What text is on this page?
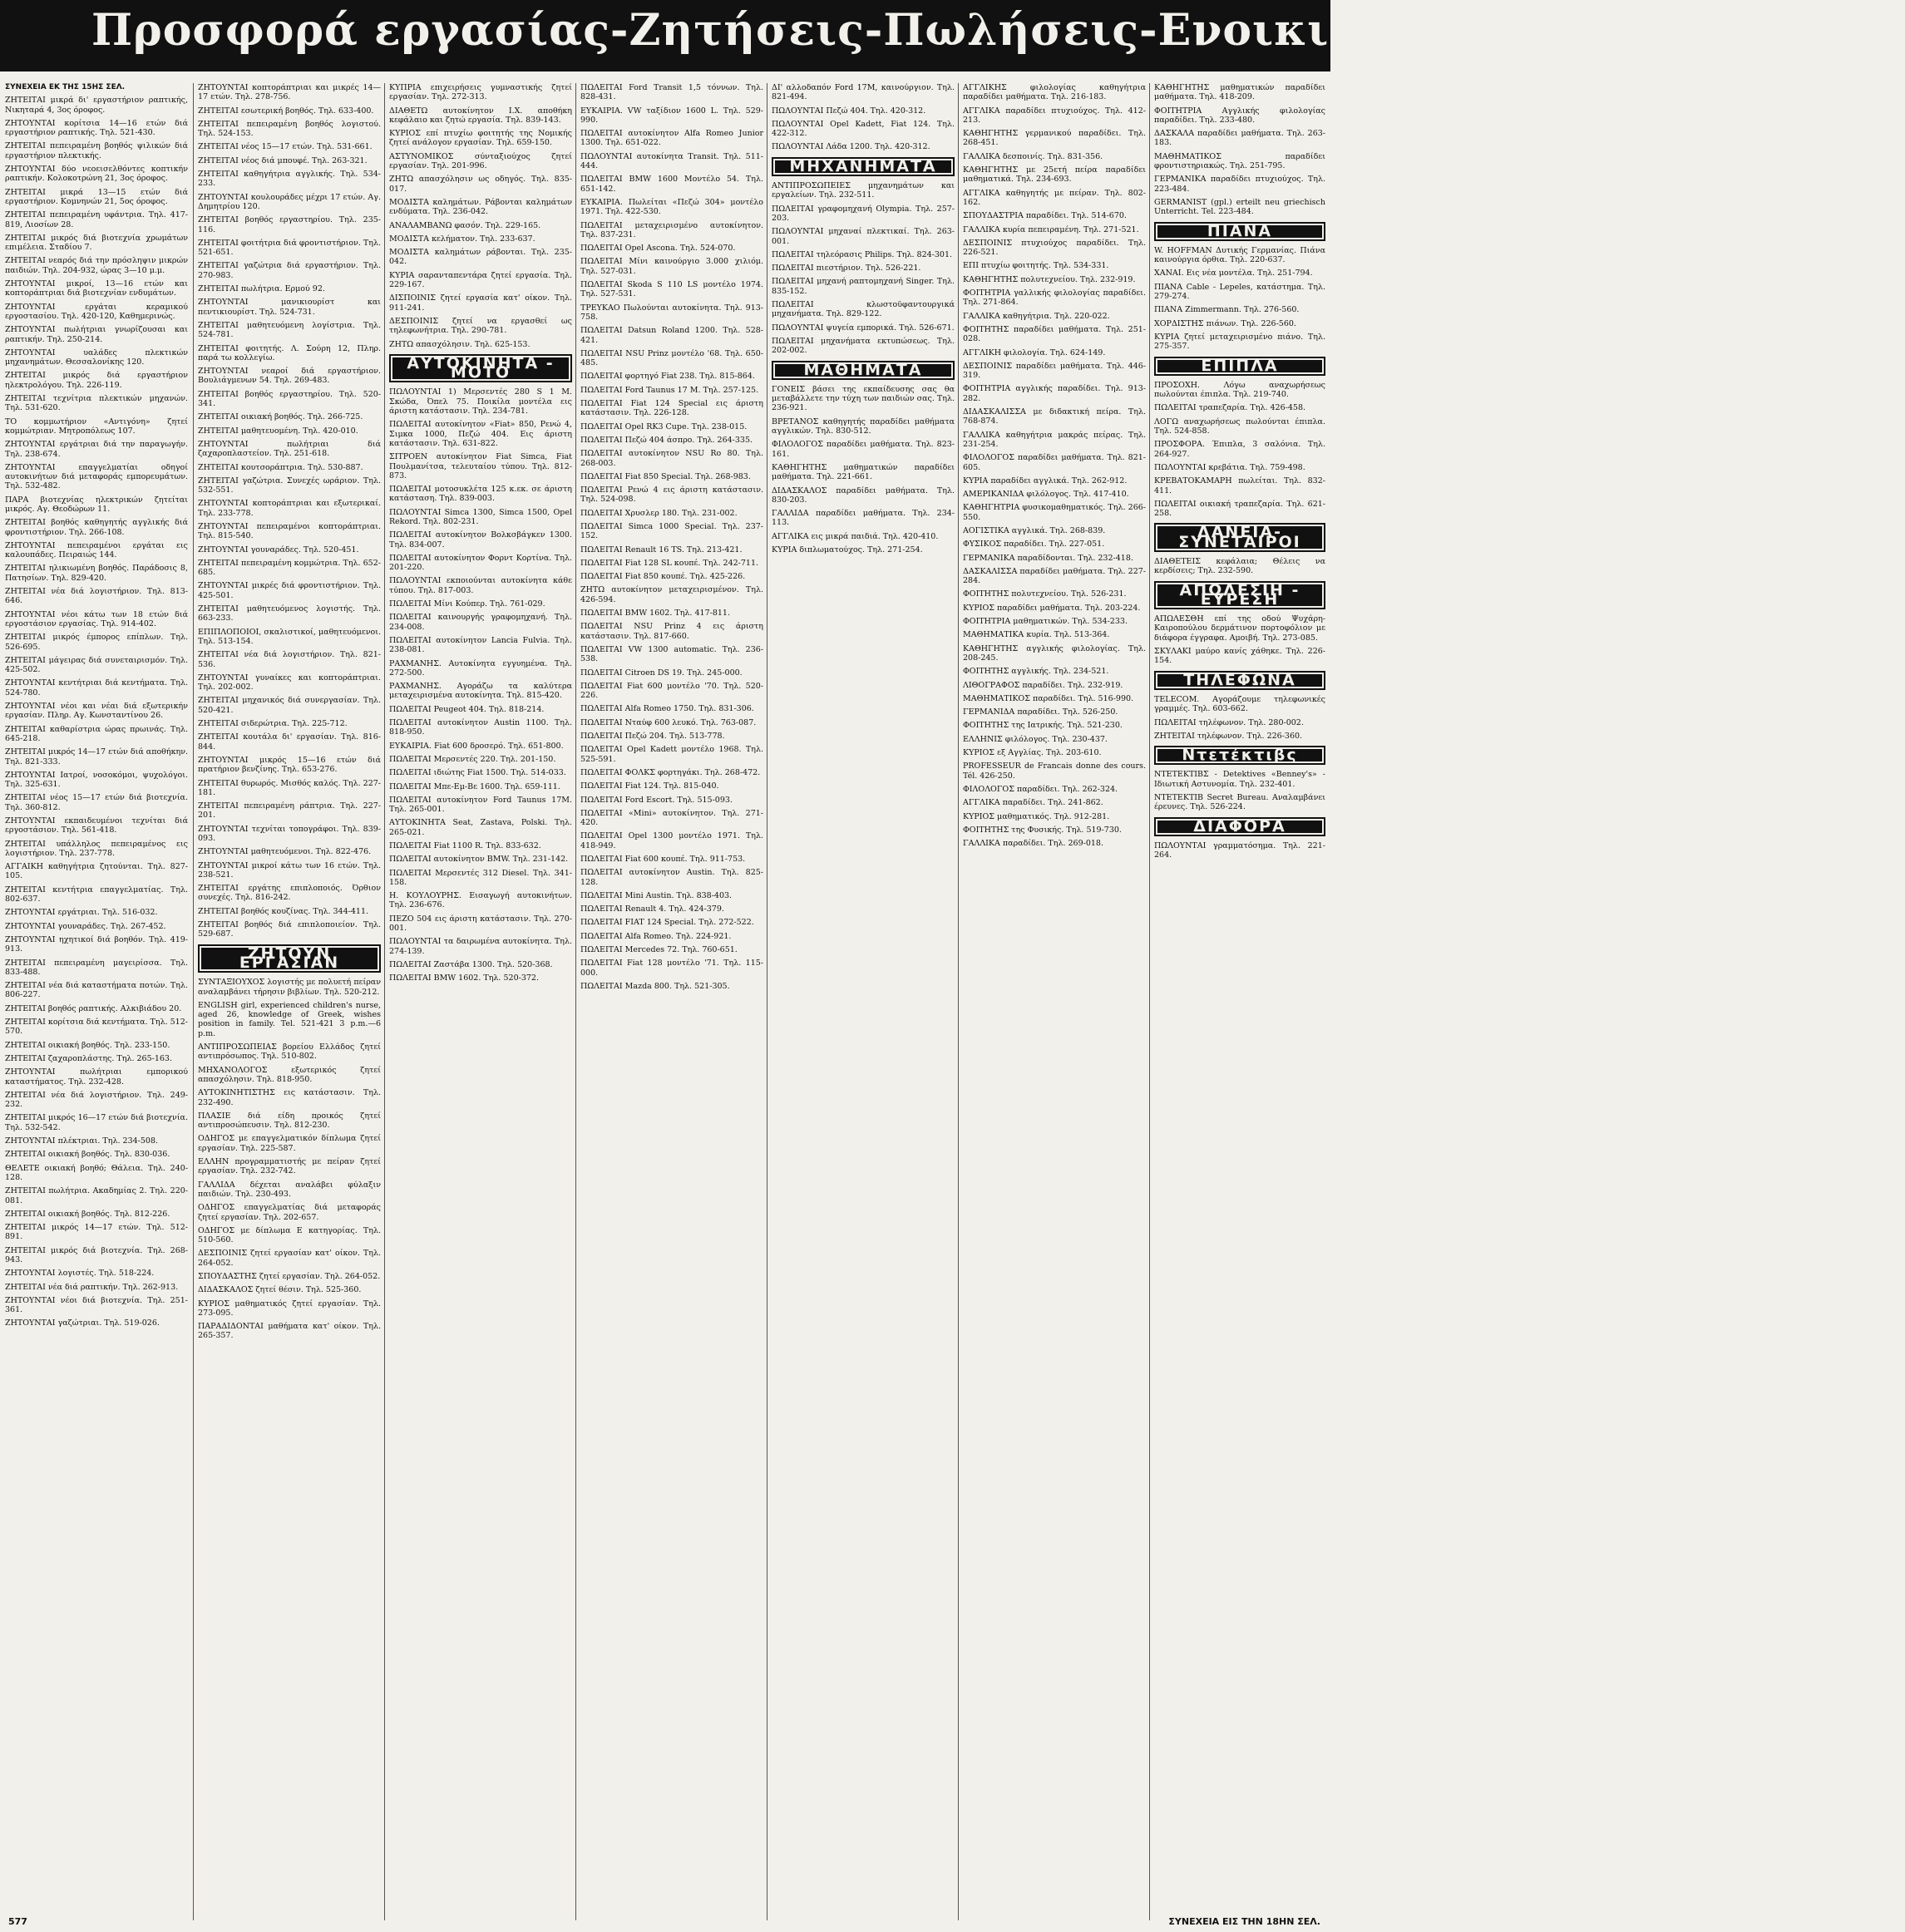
Προσφορά εργασίας-Ζητήσεις-Πωλήσεις-Ενοικιάσεις-Αγοραί-Ακίνητα

ΣΥΝΕΧΕΙΑ ΕΚ ΤΗΣ 15ΗΣ ΣΕΛ.

ΖΗΤΕΙΤΑΙ μικρά δι' εργαστήριον ραπτικής, Νικηταρά 4, 3ος όροφος.

ΖΗΤΟΥΝΤΑΙ κορίτσια 14—16 ετών διά εργαστήριον ραπτικής. Τηλ. 521-430.

ΖΗΤΕΙΤΑΙ πεπειραμένη βοηθός ψιλικών διά εργαστήριον πλεκτικής.

ΖΗΤΟΥΝΤΑΙ δύο νεοεισελθόντες κοπτικήν ραπτικήν. Κολοκοτρώνη 21, 3ος όροφος.

ΖΗΤΕΙΤΑΙ μικρά 13—15 ετών διά εργαστήριον. Κομνηνών 21, 5ος όροφος.

ΖΗΤΕΙΤΑΙ πεπειραμένη υφάντρια. Τηλ. 417-819, Λιοσίων 28.

ΖΗΤΕΙΤΑΙ μικρός διά βιοτεχνία χρωμάτων επιμέλεια. Σταδίου 7.

ΖΗΤΕΙΤΑΙ νεαρός διά την πρόσληψιν μικρών παιδιών. Τηλ. 204-932, ώρας 3—10 μ.μ.

ΖΗΤΟΥΝΤΑΙ μικροί, 13—16 ετών και κοπτοράπτριαι διά βιοτεχνίαν ενδυμάτων.

ΖΗΤΟΥΝΤΑΙ εργάται κεραμικού εργοστασίου. Τηλ. 420-120, Καθημερινώς.

ΖΗΤΟΥΝΤΑΙ πωλήτριαι γνωρίζουσαι και ραπτικήν. Τηλ. 250-214.

ΖΗΤΟΥΝΤΑΙ υαλάδες πλεκτικών μηχανημάτων. Θεσσαλονίκης 120.

ΖΗΤΕΙΤΑΙ μικρός διά εργαστήριον ηλεκτρολόγου. Τηλ. 226-119.

ΖΗΤΕΙΤΑΙ τεχνίτρια πλεκτικών μηχανών. Τηλ. 531-620.

ΤΟ κομμωτήριον «Αντιγόνη» ζητεί κομμώτριαν. Μητροπόλεως 107.

ΖΗΤΟΥΝΤΑΙ εργάτριαι διά την παραγωγήν. Τηλ. 238-674.

ΖΗΤΟΥΝΤΑΙ επαγγελματίαι οδηγοί αυτοκινήτων διά μεταφοράς εμπορευμάτων. Τηλ. 532-482.

ΠΑΡΑ βιοτεχνίας ηλεκτρικών ζητείται μικρός. Αγ. Θεοδώρων 11.

ΖΗΤΕΙΤΑΙ βοηθός καθηγητής αγγλικής διά φροντιστήριον. Τηλ. 266-108.

ΖΗΤΟΥΝΤΑΙ πεπειραμένοι εργάται εις καλουπάδες. Πειραιώς 144.

ΖΗΤΕΙΤΑΙ ηλικιωμένη βοηθός. Παράδοσις 8, Πατησίων. Τηλ. 829-420.

ΖΗΤΕΙΤΑΙ νέα διά λογιστήριον. Τηλ. 813-646.

ΖΗΤΟΥΝΤΑΙ νέοι κάτω των 18 ετών διά εργοστάσιον εργασίας. Τηλ. 914-402.

ΖΗΤΕΙΤΑΙ μικρός έμπορος επίπλων. Τηλ. 526-695.

ΖΗΤΕΙΤΑΙ μάγειρας διά συνεταιρισμόν. Τηλ. 425-502.

ΖΗΤΟΥΝΤΑΙ κεντήτριαι διά κεντήματα. Τηλ. 524-780.

ΖΗΤΟΥΝΤΑΙ νέοι και νέαι διά εξωτερικήν εργασίαν. Πληρ. Αγ. Κωνσταντίνου 26.

ΖΗΤΕΙΤΑΙ καθαρίστρια ώρας πρωινάς. Τηλ. 645-218.

ΖΗΤΕΙΤΑΙ μικρός 14—17 ετών διά αποθήκην. Τηλ. 821-333.

ΖΗΤΟΥΝΤΑΙ Ιατροί, νοσοκόμοι, ψυχολόγοι. Τηλ. 325-631.

ΖΗΤΕΙΤΑΙ νέος 15—17 ετών διά βιοτεχνία. Τηλ. 360-812.

ΖΗΤΟΥΝΤΑΙ εκπαιδευμένοι τεχνίται διά εργοστάσιον. Τηλ. 561-418.

ΖΗΤΕΙΤΑΙ υπάλληλος πεπειραμένος εις λογιστήριον. Τηλ. 237-778.

ΑΓΓΑΙΚΗ καθηγήτρια ζητούνται. Τηλ. 827-105.

ΖΗΤΕΙΤΑΙ κεντήτρια επαγγελματίας. Τηλ. 802-637.

ΖΗΤΟΥΝΤΑΙ εργάτριαι. Τηλ. 516-032.

ΖΗΤΟΥΝΤΑΙ γουναράδες. Τηλ. 267-452.

ΖΗΤΟΥΝΤΑΙ ηχητικοί διά βοηθόν. Τηλ. 419-913.

ΖΗΤΕΙΤΑΙ πεπειραμένη μαγειρίσσα. Τηλ. 833-488.

ΖΗΤΕΙΤΑΙ νέα διά καταστήματα ποτών. Τηλ. 806-227.

ΖΗΤΕΙΤΑΙ βοηθός ραπτικής. Αλκιβιάδου 20.

ΖΗΤΕΙΤΑΙ κορίτσια διά κεντήματα. Τηλ. 512-570.

ΖΗΤΕΙΤΑΙ οικιακή βοηθός. Τηλ. 233-150.

ΖΗΤΕΙΤΑΙ ζαχαροπλάστης. Τηλ. 265-163.

ΖΗΤΟΥΝΤΑΙ πωλήτριαι εμπορικού καταστήματος. Τηλ. 232-428.

ΖΗΤΕΙΤΑΙ νέα διά λογιστήριον. Τηλ. 249-232.

ΖΗΤΕΙΤΑΙ μικρός 16—17 ετών διά βιοτεχνία. Τηλ. 532-542.

ΖΗΤΟΥΝΤΑΙ πλέκτριαι. Τηλ. 234-508.

ΖΗΤΕΙΤΑΙ οικιακή βοηθός. Τηλ. 830-036.

ΘΕΛΕΤΕ οικιακή βοηθό; Θάλεια. Τηλ. 240-128.

ΖΗΤΕΙΤΑΙ πωλήτρια. Ακαδημίας 2. Τηλ. 220-081.

ΖΗΤΕΙΤΑΙ οικιακή βοηθός. Τηλ. 812-226.

ΖΗΤΕΙΤΑΙ μικρός 14—17 ετών. Τηλ. 512-891.

ΖΗΤΕΙΤΑΙ μικρός διά βιοτεχνία. Τηλ. 268-943.

ΖΗΤΟΥΝΤΑΙ λογιστές. Τηλ. 518-224.

ΖΗΤΕΙΤΑΙ νέα διά ραπτικήν. Τηλ. 262-913.

ΖΗΤΟΥΝΤΑΙ νέοι διά βιοτεχνία. Τηλ. 251-361.

ΖΗΤΟΥΝΤΑΙ γαζώτριαι. Τηλ. 519-026.

ΖΗΤΟΥΝΤΑΙ κοπτοράπτριαι και μικρές 14—17 ετών. Τηλ. 278-756.

ΖΗΤΕΙΤΑΙ εσωτερική βοηθός. Τηλ. 633-400.

ΖΗΤΕΙΤΑΙ πεπειραμένη βοηθός λογιστού. Τηλ. 524-153.

ΖΗΤΕΙΤΑΙ νέος 15—17 ετών. Τηλ. 531-661.

ΖΗΤΕΙΤΑΙ νέος διά μπουφέ. Τηλ. 263-321.

ΖΗΤΕΙΤΑΙ καθηγήτρια αγγλικής. Τηλ. 534-233.

ΖΗΤΟΥΝΤΑΙ κουλουράδες μέχρι 17 ετών. Αγ. Δημητρίου 120.

ΖΗΤΕΙΤΑΙ βοηθός εργαστηρίου. Τηλ. 235-116.

ΖΗΤΕΙΤΑΙ φοιτήτρια διά φροντιστήριον. Τηλ. 521-651.

ΖΗΤΕΙΤΑΙ γαζώτρια διά εργαστήριον. Τηλ. 270-983.

ΖΗΤΕΙΤΑΙ πωλήτρια. Ερμού 92.

ΖΗΤΟΥΝΤΑΙ μανικιουρίστ και πεντικιουρίστ. Τηλ. 524-731.

ΖΗΤΕΙΤΑΙ μαθητευόμενη λογίστρια. Τηλ. 524-781.

ΖΗΤΕΙΤΑΙ φοιτητής. Λ. Σούρη 12, Πληρ. παρά τω κολλεγίω.

ΖΗΤΟΥΝΤΑΙ νεαροί διά εργαστήριον. Βουλιάγμενων 54. Τηλ. 269-483.

ΖΗΤΕΙΤΑΙ βοηθός εργαστηρίου. Τηλ. 520-341.

ΖΗΤΕΙΤΑΙ οικιακή βοηθός. Τηλ. 266-725.

ΖΗΤΕΙΤΑΙ μαθητευομένη. Τηλ. 420-010.

ΖΗΤΟΥΝΤΑΙ πωλήτριαι διά ζαχαροπλαστείον. Τηλ. 251-618.

ΖΗΤΕΙΤΑΙ κουτσοράπτρια. Τηλ. 530-887.

ΖΗΤΕΙΤΑΙ γαζώτρια. Συνεχές ωράριον. Τηλ. 532-551.

ΖΗΤΟΥΝΤΑΙ κοπτοράπτριαι και εξωτερικαί. Τηλ. 233-778.

ΖΗΤΟΥΝΤΑΙ πεπειραμένοι κοπτοράπτριαι. Τηλ. 815-540.

ΖΗΤΟΥΝΤΑΙ γουναράδες. Τηλ. 520-451.

ΖΗΤΕΙΤΑΙ πεπειραμένη κομμώτρια. Τηλ. 652-685.

ΖΗΤΟΥΝΤΑΙ μικρές διά φροντιστήριον. Τηλ. 425-501.

ΖΗΤΕΙΤΑΙ μαθητευόμενος λογιστής. Τηλ. 663-233.

ΕΠΙΠΛΟΠΟΙΟΙ, σκαλιστικοί, μαθητευόμενοι. Τηλ. 513-154.

ΖΗΤΕΙΤΑΙ νέα διά λογιστήριον. Τηλ. 821-536.

ΖΗΤΟΥΝΤΑΙ γυναίκες και κοπτοράπτριαι. Τηλ. 202-002.

ΖΗΤΕΙΤΑΙ μηχανικός διά συνεργασίαν. Τηλ. 520-421.

ΖΗΤΕΙΤΑΙ σιδερώτρια. Τηλ. 225-712.

ΖΗΤΕΙΤΑΙ κουτάλα δι' εργασίαν. Τηλ. 816-844.

ΖΗΤΟΥΝΤΑΙ μικρός 15—16 ετών διά πρατήριον βενζίνης. Τηλ. 653-276.

ΖΗΤΕΙΤΑΙ θυρωρός. Μισθός καλός. Τηλ. 227-181.

ΖΗΤΕΙΤΑΙ πεπειραμένη ράπτρια. Τηλ. 227-201.

ΖΗΤΟΥΝΤΑΙ τεχνίται τοπογράφοι. Τηλ. 839-093.

ΖΗΤΟΥΝΤΑΙ μαθητευόμενοι. Τηλ. 822-476.

ΖΗΤΟΥΝΤΑΙ μικροί κάτω των 16 ετών. Τηλ. 238-521.

ΖΗΤΕΙΤΑΙ εργάτης επιπλοποιός. Όρθιον συνεχές. Τηλ. 816-242.

ΖΗΤΕΙΤΑΙ βοηθός κουζίνας. Τηλ. 344-411.

ΖΗΤΕΙΤΑΙ βοηθός διά επιπλοποιείον. Τηλ. 529-687.

ΖΗΤΟΥΝ ΕΡΓΑΣΙΑΝ

ΣΥΝΤΑΞΙΟΥΧΟΣ λογιστής με πολυετή πείραν αναλαμβάνει τήρησιν βιβλίων. Τηλ. 520-212.

ENGLISH girl, experienced children's nurse, aged 26, knowledge of Greek, wishes position in family. Tel. 521-421 3 p.m.—6 p.m.

ΑΝΤΙΠΡΟΣΩΠΕΙΑΣ βορείου Ελλάδος ζητεί αντιπρόσωπος. Τηλ. 510-802.

ΜΗΧΑΝΟΛΟΓΟΣ εξωτερικός ζητεί απασχόλησιν. Τηλ. 818-950.

ΑΥΤΟΚΙΝΗΤΙΣΤΗΣ εις κατάστασιν. Τηλ. 232-490.

ΠΛΑΣΙΕ διά είδη προικός ζητεί αντιπροσώπευσιν. Τηλ. 812-230.

ΟΔΗΓΟΣ με επαγγελματικόν δίπλωμα ζητεί εργασίαν. Τηλ. 225-587.

ΕΛΛΗΝ προγραμματιστής με πείραν ζητεί εργασίαν. Τηλ. 232-742.

ΓΑΛΛΙΔΑ δέχεται αναλάβει φύλαξιν παιδιών. Τηλ. 230-493.

ΟΔΗΓΟΣ επαγγελματίας διά μεταφοράς ζητεί εργασίαν. Τηλ. 202-657.

ΟΔΗΓΟΣ με δίπλωμα Ε κατηγορίας. Τηλ. 510-560.

ΔΕΣΠΟΙΝΙΣ ζητεί εργασίαν κατ' οίκον. Τηλ. 264-052.

ΣΠΟΥΔΑΣΤΗΣ ζητεί εργασίαν. Τηλ. 264-052.

ΔΙΔΑΣΚΑΛΟΣ ζητεί θέσιν. Τηλ. 525-360.

ΚΥΡΙΟΣ μαθηματικός ζητεί εργασίαν. Τηλ. 273-095.

ΠΑΡΑΔΙΔΟΝΤΑΙ μαθήματα κατ' οίκον. Τηλ. 265-357.

ΚΥΠΡΙΑ επιχειρήσεις γυμναστικής ζητεί εργασίαν. Τηλ. 272-313.

ΔΙΑΘΕΤΩ αυτοκίνητον Ι.Χ. αποθήκη κεφάλαιο και ζητώ εργασία. Τηλ. 839-143.

ΚΥΡΙΟΣ επί πτυχίω φοιτητής της Νομικής ζητεί ανάλογον εργασίαν. Τηλ. 659-150.

ΑΣΤΥΝΟΜΙΚΟΣ σύνταξιούχος ζητεί εργασίαν. Τηλ. 201-996.

ΖΗΤΩ απασχόλησιν ως οδηγός. Τηλ. 835-017.

ΜΟΔΙΣΤΑ καλημάτων. Ράβονται καλημάτων ενδύματα. Τηλ. 236-042.

ΑΝΑΛΑΜΒΑΝΩ φασόν. Τηλ. 229-165.

ΜΟΔΙΣΤΑ κελήματον. Τηλ. 233-637.

ΜΟΔΙΣΤΑ καλημάτων ράβονται. Τηλ. 235-042.

ΚΥΡΙΑ σαρανταπεντάρα ζητεί εργασία. Τηλ. 229-167.

ΔΙΣΠΟΙΝΙΣ ζητεί εργασία κατ' οίκον. Τηλ. 911-241.

ΔΕΣΠΟΙΝΙΣ ζητεί να εργασθεί ως τηλεφωνήτρια. Τηλ. 290-781.

ΖΗΤΩ απασχόλησιν. Τηλ. 625-153.

ΑΥΤΟΚΙΝΗΤΑ - ΜΟΤΟ

ΠΩΛΟΥΝΤΑΙ 1) Μερσεντές 280 S 1 Μ. Σκώδα, Όπελ 75. Ποικίλα μοντέλα εις άριστη κατάστασιν. Τηλ. 234-781.

ΠΩΛΕΙΤΑΙ αυτοκίνητον «Fiat» 850, Ρενώ 4, Σιμκα 1000, Πεζώ 404. Εις άριστη κατάστασιν. Τηλ. 631-822.

ΣΙΤΡΟΕΝ αυτοκίνητον Fiat Simca, Fiat Πουλμανίτσα, τελευταίου τύπου. Τηλ. 812-873.

ΠΩΛΕΙΤΑΙ μοτοσυκλέτα 125 κ.εκ. σε άριστη κατάσταση. Τηλ. 839-003.

ΠΩΛΟΥΝΤΑΙ Simca 1300, Simca 1500, Opel Rekord. Τηλ. 802-231.

ΠΩΛΕΙΤΑΙ αυτοκίνητον Βολκσβάγκεν 1300. Τηλ. 834-007.

ΠΩΛΕΙΤΑΙ αυτοκίνητον Φορντ Κορτίνα. Τηλ. 201-220.

ΠΩΛΟΥΝΤΑΙ εκποιούνται αυτοκίνητα κάθε τύπου. Τηλ. 817-003.

ΠΩΛΕΙΤΑΙ Μίνι Κούπερ. Τηλ. 761-029.

ΠΩΛΕΙΤΑΙ καινουργής γραφομηχανή. Τηλ. 234-008.

ΠΩΛΕΙΤΑΙ αυτοκίνητον Lancia Fulvia. Τηλ. 238-081.

ΡΑΧΜΑΝΗΣ. Αυτοκίνητα εγγυημένα. Τηλ. 272-500.

ΡΑΧΜΑΝΗΣ. Αγοράζω τα καλύτερα μεταχειρισμένα αυτοκίνητα. Τηλ. 815-420.

ΠΩΛΕΙΤΑΙ Peugeot 404. Τηλ. 818-214.

ΠΩΛΕΙΤΑΙ αυτοκίνητον Austin 1100. Τηλ. 818-950.

ΕΥΚΑΙΡΙΑ. Fiat 600 δροσερό. Τηλ. 651-800.

ΠΩΛΕΙΤΑΙ Μερσεντές 220. Τηλ. 201-150.

ΠΩΛΕΙΤΑΙ ιδιώτης Fiat 1500. Τηλ. 514-033.

ΠΩΛΕΙΤΑΙ Μπε-Εμ-Βε 1600. Τηλ. 659-111.

ΠΩΛΕΙΤΑΙ αυτοκίνητον Ford Taunus 17M. Τηλ. 265-001.

ΑΥΤΟΚΙΝΗΤΑ Seat, Zastava, Polski. Τηλ. 265-021.

ΠΩΛΕΙΤΑΙ Fiat 1100 R. Τηλ. 833-632.

ΠΩΛΕΙΤΑΙ αυτοκίνητον BMW. Τηλ. 231-142.

ΠΩΛΕΙΤΑΙ Μερσεντές 312 Diesel. Τηλ. 341-158.

Η. ΚΟΥΛΟΥΡΗΣ. Εισαγωγή αυτοκινήτων. Τηλ. 236-676.

ΠΕΖΟ 504 εις άριστη κατάστασιν. Τηλ. 270-001.

ΠΩΛΟΥΝΤΑΙ τα δαιρωμένα αυτοκίνητα. Τηλ. 274-139.

ΠΩΛΕΙΤΑΙ Ζαστάβα 1300. Τηλ. 520-368.

ΠΩΛΕΙΤΑΙ BMW 1602. Τηλ. 520-372.

ΠΩΛΕΙΤΑΙ Ford Transit 1,5 τόννων. Τηλ. 828-431.

ΕΥΚΑΙΡΙΑ. VW ταξίδιον 1600 L. Τηλ. 529-990.

ΠΩΛΕΙΤΑΙ αυτοκίνητον Alfa Romeo Junior 1300. Τηλ. 651-022.

ΠΩΛΟΥΝΤΑΙ αυτοκίνητα Transit. Τηλ. 511-444.

ΠΩΛΕΙΤΑΙ BMW 1600 Μοντέλο 54. Τηλ. 651-142.

ΕΥΚΑΙΡΙΑ. Πωλείται «Πεζώ 304» μοντέλο 1971. Τηλ. 422-530.

ΠΩΛΕΙΤΑΙ μεταχειρισμένο αυτοκίνητον. Τηλ. 837-231.

ΠΩΛΕΙΤΑΙ Opel Ascona. Τηλ. 524-070.

ΠΩΛΕΙΤΑΙ Μίνι καινούργιο 3.000 χιλιόμ. Τηλ. 527-031.

ΠΩΛΕΙΤΑΙ Skoda S 110 LS μοντέλο 1974. Τηλ. 527-531.

ΤΡΕΥΚΑΟ Πωλούνται αυτοκίνητα. Τηλ. 913-758.

ΠΩΛΕΙΤΑΙ Datsun Roland 1200. Τηλ. 528-421.

ΠΩΛΕΙΤΑΙ NSU Prinz μοντέλο '68. Τηλ. 650-485.

ΠΩΛΕΙΤΑΙ φορτηγό Fiat 238. Τηλ. 815-864.

ΠΩΛΕΙΤΑΙ Ford Taunus 17 M. Τηλ. 257-125.

ΠΩΛΕΙΤΑΙ Fiat 124 Special εις άριστη κατάστασιν. Τηλ. 226-128.

ΠΩΛΕΙΤΑΙ Opel RK3 Cupe. Τηλ. 238-015.

ΠΩΛΕΙΤΑΙ Πεζώ 404 άσπρο. Τηλ. 264-335.

ΠΩΛΕΙΤΑΙ αυτοκίνητον NSU Ro 80. Τηλ. 268-003.

ΠΩΛΕΙΤΑΙ Fiat 850 Special. Τηλ. 268-983.

ΠΩΛΕΙΤΑΙ Ρενώ 4 εις άριστη κατάστασιν. Τηλ. 524-098.

ΠΩΛΕΙΤΑΙ Χρυσλερ 180. Τηλ. 231-002.

ΠΩΛΕΙΤΑΙ Simca 1000 Special. Τηλ. 237-152.

ΠΩΛΕΙΤΑΙ Renault 16 TS. Τηλ. 213-421.

ΠΩΛΕΙΤΑΙ Fiat 128 SL κουπέ. Τηλ. 242-711.

ΠΩΛΕΙΤΑΙ Fiat 850 κουπέ. Τηλ. 425-226.

ΖΗΤΩ αυτοκίνητον μεταχειρισμένον. Τηλ. 426-594.

ΠΩΛΕΙΤΑΙ BMW 1602. Τηλ. 417-811.

ΠΩΛΕΙΤΑΙ NSU Prinz 4 εις άριστη κατάστασιν. Τηλ. 817-660.

ΠΩΛΕΙΤΑΙ VW 1300 automatic. Τηλ. 236-538.

ΠΩΛΕΙΤΑΙ Citroen DS 19. Τηλ. 245-000.

ΠΩΛΕΙΤΑΙ Fiat 600 μοντέλο '70. Τηλ. 520-226.

ΠΩΛΕΙΤΑΙ Alfa Romeo 1750. Τηλ. 831-306.

ΠΩΛΕΙΤΑΙ Νταύφ 600 λευκό. Τηλ. 763-087.

ΠΩΛΕΙΤΑΙ Πεζώ 204. Τηλ. 513-778.

ΠΩΛΕΙΤΑΙ Opel Kadett μοντέλο 1968. Τηλ. 525-591.

ΠΩΛΕΙΤΑΙ ΦΟΛΚΣ φορτηγάκι. Τηλ. 268-472.

ΠΩΛΕΙΤΑΙ Fiat 124. Τηλ. 815-040.

ΠΩΛΕΙΤΑΙ Ford Escort. Τηλ. 515-093.

ΠΩΛΕΙΤΑΙ «Mini» αυτοκίνητον. Τηλ. 271-420.

ΠΩΛΕΙΤΑΙ Opel 1300 μοντέλο 1971. Τηλ. 418-949.

ΠΩΛΕΙΤΑΙ Fiat 600 κουπέ. Τηλ. 911-753.

ΠΩΛΕΙΤΑΙ αυτοκίνητον Austin. Τηλ. 825-128.

ΠΩΛΕΙΤΑΙ Mini Austin. Τηλ. 838-403.

ΠΩΛΕΙΤΑΙ Renault 4. Τηλ. 424-379.

ΠΩΛΕΙΤΑΙ FIAT 124 Special. Τηλ. 272-522.

ΠΩΛΕΙΤΑΙ Alfa Romeo. Τηλ. 224-921.

ΠΩΛΕΙΤΑΙ Mercedes 72. Τηλ. 760-651.

ΠΩΛΕΙΤΑΙ Fiat 128 μοντέλο '71. Τηλ. 115-000.

ΠΩΛΕΙΤΑΙ Mazda 800. Τηλ. 521-305.

ΔΙ' αλλοδαπόν Ford 17M, καινούργιον. Τηλ. 821-494.

ΠΩΛΟΥΝΤΑΙ Πεζώ 404. Τηλ. 420-312.

ΠΩΛΟΥΝΤΑΙ Opel Kadett, Fiat 124. Τηλ. 422-312.

ΠΩΛΟΥΝΤΑΙ Λάδα 1200. Τηλ. 420-312.

ΜΗΧΑΝΗΜΑΤΑ

ΑΝΤΙΠΡΟΣΩΠΕΙΕΣ μηχανημάτων και εργαλείων. Τηλ. 232-511.

ΠΩΛΕΙΤΑΙ γραφομηχανή Olympia. Τηλ. 257-203.

ΠΩΛΟΥΝΤΑΙ μηχαναί πλεκτικαί. Τηλ. 263-001.

ΠΩΛΕΙΤΑΙ τηλεόρασις Philips. Τηλ. 824-301.

ΠΩΛΕΙΤΑΙ πιεστήριον. Τηλ. 526-221.

ΠΩΛΕΙΤΑΙ μηχανή ραπτομηχανή Singer. Τηλ. 835-152.

ΠΩΛΕΙΤΑΙ κλωστοϋφαντουργικά μηχανήματα. Τηλ. 829-122.

ΠΩΛΟΥΝΤΑΙ ψυγεία εμπορικά. Τηλ. 526-671.

ΠΩΛΕΙΤΑΙ μηχανήματα εκτυπώσεως. Τηλ. 202-002.

ΜΑΘΗΜΑΤΑ

ΓΟΝΕΙΣ βάσει της εκπαίδευσης σας θα μεταβάλλετε την τύχη των παιδιών σας. Τηλ. 236-921.

ΒΡΕΤΑΝΟΣ καθηγητής παραδίδει μαθήματα αγγλικών. Τηλ. 830-512.

ΦΙΛΟΛΟΓΟΣ παραδίδει μαθήματα. Τηλ. 823-161.

ΚΑΘΗΓΗΤΗΣ μαθηματικών παραδίδει μαθήματα. Τηλ. 221-661.

ΔΙΔΑΣΚΑΛΟΣ παραδίδει μαθήματα. Τηλ. 830-203.

ΓΑΛΛΙΔΑ παραδίδει μαθήματα. Τηλ. 234-113.

ΑΓΓΛΙΚΑ εις μικρά παιδιά. Τηλ. 420-410.

ΚΥΡΙΑ διπλωματούχος. Τηλ. 271-254.

ΑΓΓΛΙΚΗΣ φιλολογίας καθηγήτρια παραδίδει μαθήματα. Τηλ. 216-183.

ΑΓΓΛΙΚΑ παραδίδει πτυχιούχος. Τηλ. 412-213.

ΚΑΘΗΓΗΤΗΣ γερμανικού παραδίδει. Τηλ. 268-451.

ΓΑΛΛΙΚΑ δεσποινίς. Τηλ. 831-356.

ΚΑΘΗΓΗΤΗΣ με 25ετή πείρα παραδίδει μαθηματικά. Τηλ. 234-693.

ΑΓΓΛΙΚΑ καθηγητής με πείραν. Τηλ. 802-162.

ΣΠΟΥΔΑΣΤΡΙΑ παραδίδει. Τηλ. 514-670.

ΓΑΛΛΙΚΑ κυρία πεπειραμένη. Τηλ. 271-521.

ΔΕΣΠΟΙΝΙΣ πτυχιούχος παραδίδει. Τηλ. 226-521.

ΕΠΙ πτυχίω φοιτητής. Τηλ. 534-331.

ΚΑΘΗΓΗΤΗΣ πολυτεχνείου. Τηλ. 232-919.

ΦΟΙΤΗΤΡΙΑ γαλλικής φιλολογίας παραδίδει. Τηλ. 271-864.

ΓΑΛΛΙΚΑ καθηγήτρια. Τηλ. 220-022.

ΦΟΙΤΗΤΗΣ παραδίδει μαθήματα. Τηλ. 251-028.

ΑΓΓΛΙΚΗ φιλολογία. Τηλ. 624-149.

ΔΕΣΠΟΙΝΙΣ παραδίδει μαθήματα. Τηλ. 446-319.

ΦΟΙΤΗΤΡΙΑ αγγλικής παραδίδει. Τηλ. 913-282.

ΔΙΔΑΣΚΑΛΙΣΣΑ με διδακτική πείρα. Τηλ. 768-874.

ΓΑΛΛΙΚΑ καθηγήτρια μακράς πείρας. Τηλ. 231-254.

ΦΙΛΟΛΟΓΟΣ παραδίδει μαθήματα. Τηλ. 821-605.

ΚΥΡΙΑ παραδίδει αγγλικά. Τηλ. 262-912.

ΑΜΕΡΙΚΑΝΙΔΑ φιλόλογος. Τηλ. 417-410.

ΚΑΘΗΓΗΤΡΙΑ φυσικομαθηματικός. Τηλ. 266-550.

ΑΟΓΙΣΤΙΚΑ αγγλικά. Τηλ. 268-839.

ΦΥΣΙΚΟΣ παραδίδει. Τηλ. 227-051.

ΓΕΡΜΑΝΙΚΑ παραδίδονται. Τηλ. 232-418.

ΔΑΣΚΑΛΙΣΣΑ παραδίδει μαθήματα. Τηλ. 227-284.

ΦΟΙΤΗΤΗΣ πολυτεχνείου. Τηλ. 526-231.

ΚΥΡΙΟΣ παραδίδει μαθήματα. Τηλ. 203-224.

ΦΟΙΤΗΤΡΙΑ μαθηματικών. Τηλ. 534-233.

ΜΑΘΗΜΑΤΙΚΑ κυρία. Τηλ. 513-364.

ΚΑΘΗΓΗΤΗΣ αγγλικής φιλολογίας. Τηλ. 208-245.

ΦΟΙΤΗΤΗΣ αγγλικής. Τηλ. 234-521.

ΛΙΘΟΓΡΑΦΟΣ παραδίδει. Τηλ. 232-919.

ΜΑΘΗΜΑΤΙΚΟΣ παραδίδει. Τηλ. 516-990.

ΓΕΡΜΑΝΙΔΑ παραδίδει. Τηλ. 526-250.

ΦΟΙΤΗΤΗΣ της Ιατρικής. Τηλ. 521-230.

ΕΛΛΗΝΙΣ φιλόλογος. Τηλ. 230-437.

ΚΥΡΙΟΣ εξ Αγγλίας. Τηλ. 203-610.

PROFESSEUR de Francais donne des cours. Tél. 426-250.

ΦΙΛΟΛΟΓΟΣ παραδίδει. Τηλ. 262-324.

ΑΓΓΛΙΚΑ παραδίδει. Τηλ. 241-862.

ΚΥΡΙΟΣ μαθηματικός. Τηλ. 912-281.

ΦΟΙΤΗΤΗΣ της Φυσικής. Τηλ. 519-730.

ΓΑΛΛΙΚΑ παραδίδει. Τηλ. 269-018.

ΚΑΘΗΓΗΤΗΣ μαθηματικών παραδίδει μαθήματα. Τηλ. 418-209.

ΦΟΙΤΗΤΡΙΑ Αγγλικής φιλολογίας παραδίδει. Τηλ. 233-480.

ΔΑΣΚΑΛΑ παραδίδει μαθήματα. Τηλ. 263-183.

ΜΑΘΗΜΑΤΙΚΟΣ παραδίδει φροντιστηριακώς. Τηλ. 251-795.

ΓΕΡΜΑΝΙΚΑ παραδίδει πτυχιούχος. Τηλ. 223-484.

GERMANIST (gpl.) erteilt neu griechisch Unterricht. Tel. 223-484.

ΠΙΑΝΑ

W. HOFFMAN Δυτικής Γερμανίας. Πιάνα καινούργια όρθια. Τηλ. 220-637.

ΧΑΝΑΙ. Εις νέα μοντέλα. Τηλ. 251-794.

ΠΙΑΝΑ Cable - Lepeles, κατάστημα. Τηλ. 279-274.

ΠΙΑΝΑ Zimmermann. Τηλ. 276-560.

ΧΟΡΔΙΣΤΗΣ πιάνων. Τηλ. 226-560.

ΚΥΡΙΑ ζητεί μεταχειρισμένο πιάνο. Τηλ. 275-357.

ΕΠΙΠΛΑ

ΠΡΟΣΟΧΗ. Λόγω αναχωρήσεως πωλούνται έπιπλα. Τηλ. 219-740.

ΠΩΛΕΙΤΑΙ τραπεζαρία. Τηλ. 426-458.

ΛΟΓΩ αναχωρήσεως πωλούνται έπιπλα. Τηλ. 524-858.

ΠΡΟΣΦΟΡΑ. Έπιπλα, 3 σαλόνια. Τηλ. 264-927.

ΠΩΛΟΥΝΤΑΙ κρεβάτια. Τηλ. 759-498.

ΚΡΕΒΑΤΟΚΑΜΑΡΗ πωλείται. Τηλ. 832-411.

ΠΩΛΕΙΤΑΙ οικιακή τραπεζαρία. Τηλ. 621-258.

ΔΑΝΕΙΑ-ΣΥΝΕΤΑΙΡΟΙ

ΔΙΑΘΕΤΕΙΣ κεφάλαια; Θέλεις να κερδίσεις; Τηλ. 232-590.

ΑΠΩΛΕΣΙΗ - ΕΥΡΕΣΗ

ΑΠΩΛΕΣΘΗ επί της οδού Ψυχάρη-Καιροπούλου δερμάτινον πορτοφόλιον με διάφορα έγγραφα. Αμοιβή. Τηλ. 273-085.

ΣΚΥΛΑΚΙ μαύρο κανίς χάθηκε. Τηλ. 226-154.

ΤΗΛΕΦΩΝΑ

TELECOM. Αγοράζουμε τηλεφωνικές γραμμές. Τηλ. 603-662.

ΠΩΛΕΙΤΑΙ τηλέφωνον. Τηλ. 280-002.

ΖΗΤΕΙΤΑΙ τηλέφωνον. Τηλ. 226-360.

Ντετέκτιβς

ΝΤΕΤΕΚΤΙΒΣ - Detektives «Benney's» - Ιδιωτική Αστυνομία. Τηλ. 232-401.

ΝΤΕΤΕΚΤΙΒ Secret Bureau. Αναλαμβάνει έρευνες. Τηλ. 526-224.

ΔΙΑΦΟΡΑ

ΠΩΛΟΥΝΤΑΙ γραμματόσημα. Τηλ. 221-264.

577	ΣΥΝΕΧΕΙΑ ΕΙΣ ΤΗΝ 18ΗΝ ΣΕΛ.
